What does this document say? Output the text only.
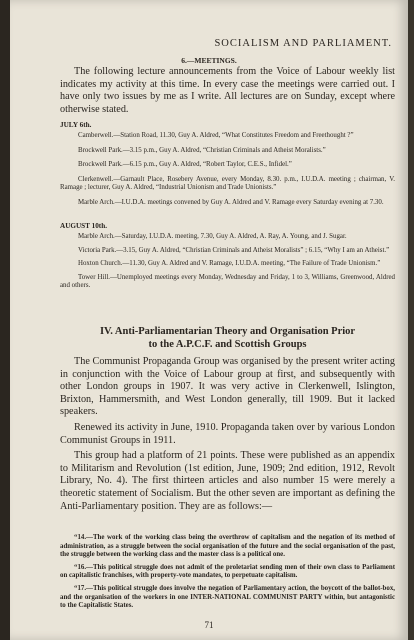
SOCIALISM AND PARLIAMENT.
6.—MEETINGS.

The following lecture announcements from the Voice of Labour weekly list indicates my activity at this time. In every case the meetings were carried out. I have only two issues by me as I write. All lectures are on Sunday, except where otherwise stated.

JULY 6th.

Camberwell.—Station Road, 11.30, Guy A. Aldred, “What Constitutes Freedom and Freethought ?”

Brockwell Park.—3.15 p.m., Guy A. Aldred, “Christian Criminals and Atheist Moralists.”

Brockwell Park.—6.15 p.m., Guy A. Aldred, “Robert Taylor, C.E.S., Infidel.”

Clerkenwell.—Garnault Place, Rosebery Avenue, every Monday, 8.30. p.m., I.U.D.A. meeting ; chairman, V. Ramage ; lecturer, Guy A. Aldred, “Industrial Unionism and Trade Unionists.”

Marble Arch.—I.U.D.A. meetings convened by Guy A. Aldred and V. Ramage every Saturday evening at 7.30.

AUGUST 10th.

Marble Arch.—Saturday, I.U.D.A. meeting, 7.30, Guy A. Aldred, A. Ray, A. Young, and J. Sugar.

Victoria Park.—3.15, Guy A. Aldred, “Christian Criminals and Atheist Moralists” ; 6.15, “Why I am an Atheist.”

Hoxton Church.—11.30, Guy A. Aldred and V. Ramage, I.U.D.A. meeting, “The Failure of Trade Unionism.”

Tower Hill.—Unemployed meetings every Monday, Wednesday and Friday, 1 to 3, Williams, Greenwood, Aldred and others.

IV. Anti-Parliamentarian Theory and Organisation Prior
to the A.P.C.F. and Scottish Groups

The Communist Propaganda Group was organised by the present writer acting in conjunction with the Voice of Labour group at first, and subsequently with other London groups in 1907. It was very active in Clerkenwell, Islington, Brixton, Hammersmith, and West London generally, till 1909. But it lacked speakers.

Renewed its activity in June, 1910. Propaganda taken over by various London Communist Groups in 1911.

This group had a platform of 21 points. These were published as an appendix to Militarism and Revolution (1st edition, June, 1909; 2nd edition, 1912, Revolt Library, No. 4). The first thirteen articles and also number 15 were merely a theoretic statement of Socialism. But the other seven are important as defining the Anti-Parliamentary position. They are as follows:—

“14.—The work of the working class being the overthrow of capitalism and the negation of its method of administration, as a struggle between the social organisation of the future and the social organisation of the past, the struggle between the working class and the master class is a political one.

“16.—This political struggle does not admit of the proletariat sending men of their own class to Parliament on capitalistic franchises, with property-vote mandates, to perpetuate capitalism.

“17.—This political struggle does involve the negation of Parliamentary action, the boycott of the ballot-box, and the organisation of the workers in one INTER-NATIONAL COMMUNIST PARTY within, but antagonistic to the Capitalistic States.

71
